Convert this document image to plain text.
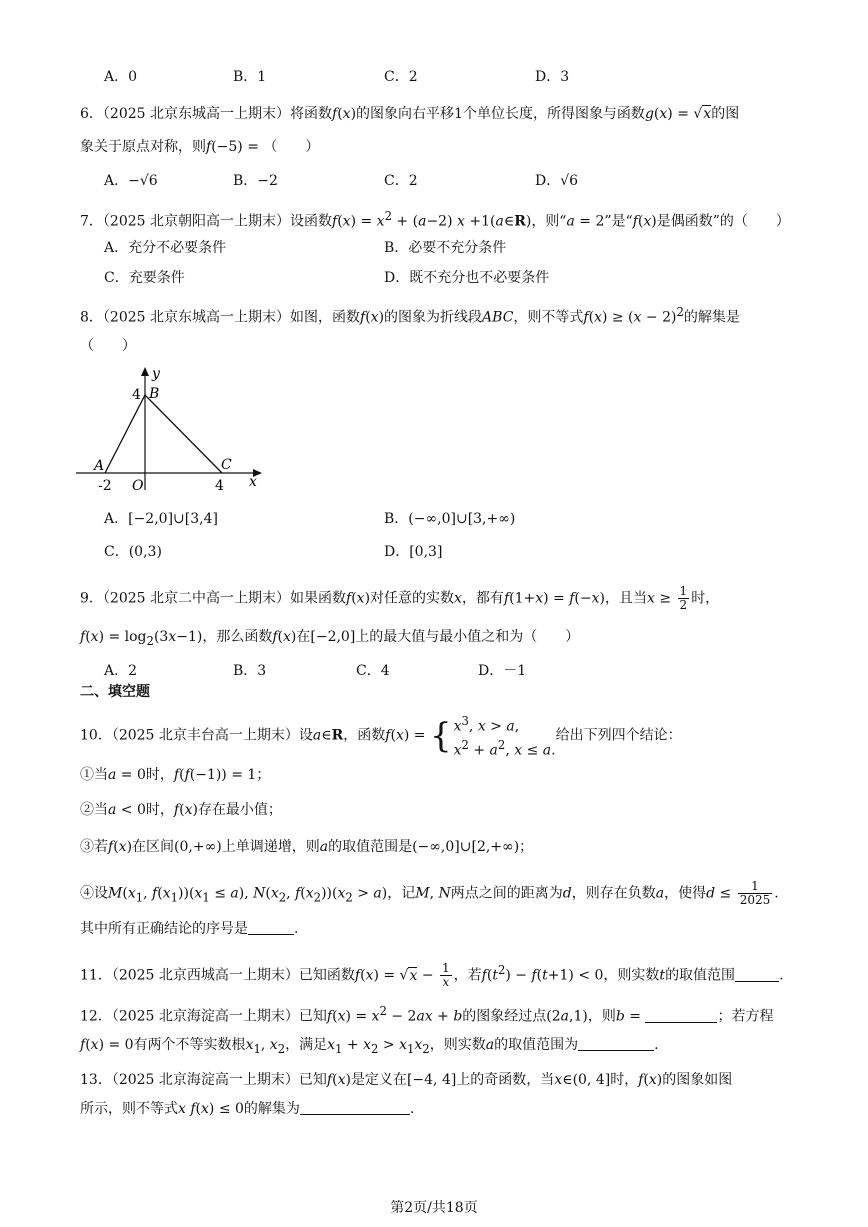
A．0	B．1	C．2	D．3
6．（2025 北京东城高一上期末）将函数f(x)的图象向右平移1个单位长度，所得图象与函数g(x) = √x的图
象关于原点对称，则f(−5) = （　　）
A．−√6	B．−2	C．2	D．√6
7．（2025 北京朝阳高一上期末）设函数$f(x) = x^2 + (a-2)$ x +1(a∈R)，则“a = 2”是“f(x)是偶函数”的（　　）
A．充分不必要条件	B．必要不充分条件
C．充要条件	D．既不充分也不必要条件
8．（2025 北京东城高一上期末）如图，函数f(x)的图象为折线段ABC，则不等式$f(x) \ge (x - 2)^2$的解集是
（　　）
y
4 B
A	C
-2 O	4 x
A．[−2,0]∪[3,4]	B．(−∞,0]∪[3,+∞)
C．(0,3)	D．[0,3]
9．（2025 北京二中高一上期末）如果函数f(x)对任意的实数x，都有f(1+x) = f(−x)，且当$x \ge \frac{1}{2}$ 时，
$f(x) = \log_2(3x-1)$，那么函数f(x)在[−2,0]上的最大值与最小值之和为（　　）
A．2	B．3	C．4	D．－1
二、填空题
10．（2025 北京丰台高一上期末）设a∈R，函数f(x) = { $x^3$, x > a,
$x^2 + a^2$, x ≤ a.
给出下列四个结论：
①当a = 0时，f(f(−1)) = 1；
②当a < 0时，f(x)存在最小值；
③若f(x)在区间(0,+∞)上单调递增，则a的取值范围是(−∞,0]∪[2,+∞)；
④设$M(x_1$, $f(x_1))(x_1 \le a)$, $N(x_2$, $f(x_2))(x_2 > a)$，记M, N两点之间的距离为d，则存在负数a，使得$d \le \frac{1}{2025}$ .
其中所有正确结论的序号是	.
11．（2025 北京西城高一上期末）已知函数$f(x) = √x - \frac{1}{x}$ ，若$f(t^2) - f(t+1) < 0$，则实数t的取值范围	.
12．（2025 北京海淀高一上期末）已知$f(x) = x^2 - 2ax + b$的图象经过点(2a,1)，则b =	；若方程
f(x) = 0有两个不等实数根$x_1$, $x_2$，满足$x_1 + x_2 > x_1x_2$，则实数a的取值范围为	.
13．（2025 北京海淀高一上期末）已知f(x)是定义在[−4, 4]上的奇函数，当x∈(0, 4]时，f(x)的图象如图
所示，则不等式x f(x) ≤ 0的解集为	.
第2页/共18页
